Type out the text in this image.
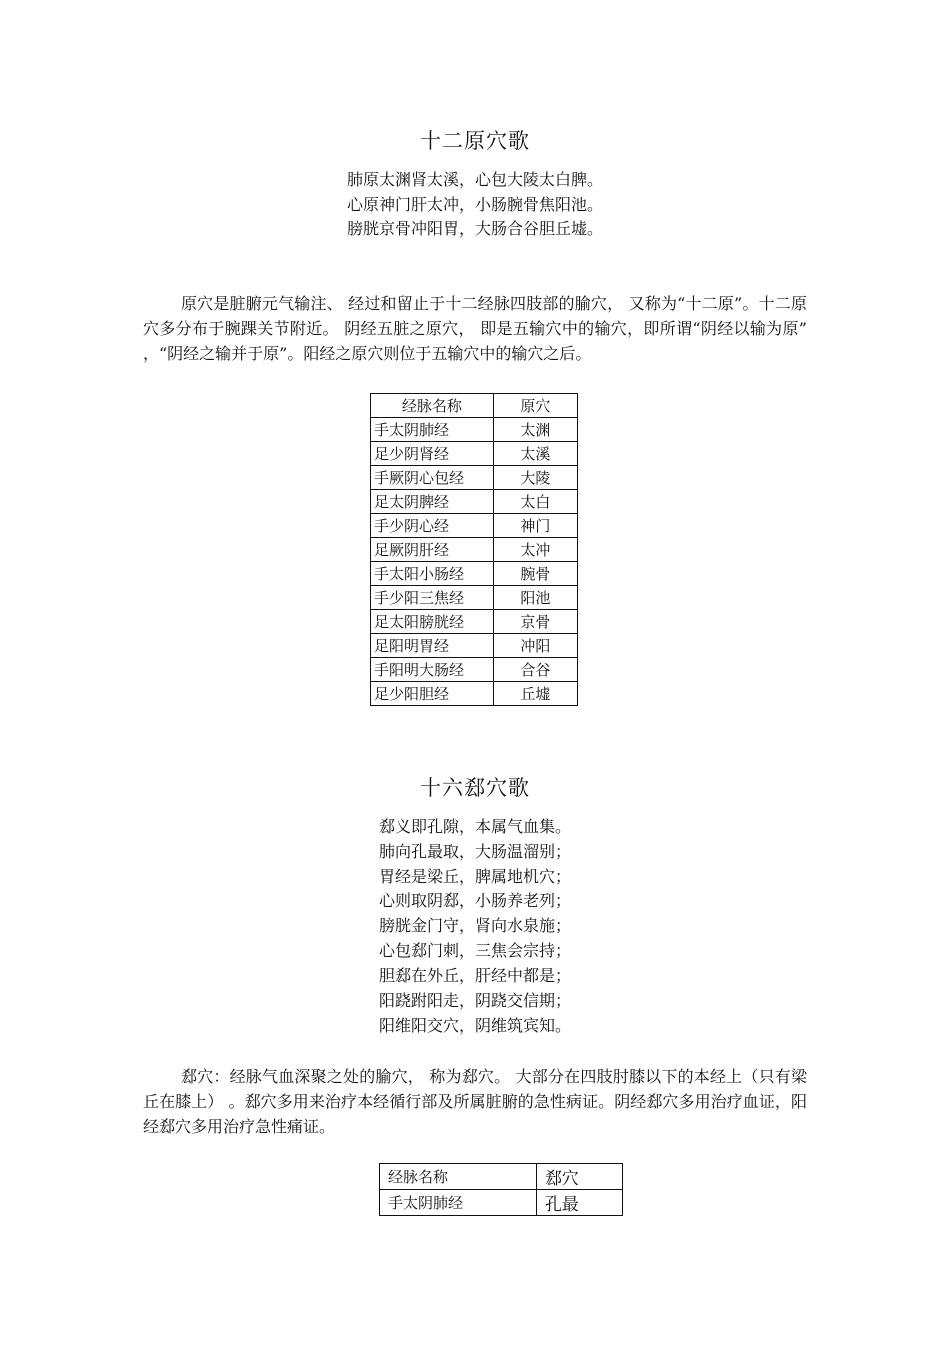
十二原穴歌
肺原太渊肾太溪，心包大陵太白脾。
心原神门肝太冲，小肠腕骨焦阳池。
膀胱京骨冲阳胃，大肠合谷胆丘墟。
原穴是脏腑元气输注、 经过和留止于十二经脉四肢部的腧穴， 又称为“十二原”。十二原穴多分布于腕踝关节附近。 阴经五脏之原穴， 即是五输穴中的输穴，即所谓“阴经以输为原” ，“阴经之输并于原”。阳经之原穴则位于五输穴中的输穴之后。
经脉名称	原穴
手太阴肺经	太渊
足少阴肾经	太溪
手厥阴心包经	大陵
足太阴脾经	太白
手少阴心经	神门
足厥阴肝经	太冲
手太阳小肠经	腕骨
手少阳三焦经	阳池
足太阳膀胱经	京骨
足阳明胃经	冲阳
手阳明大肠经	合谷
足少阳胆经	丘墟
十六郄穴歌
郄义即孔隙，本属气血集。
肺向孔最取，大肠温溜别；
胃经是梁丘，脾属地机穴；
心则取阴郄，小肠养老列；
膀胱金门守，肾向水泉施；
心包郄门刺，三焦会宗持；
胆郄在外丘，肝经中都是；
阳跷跗阳走，阴跷交信期；
阳维阳交穴，阴维筑宾知。
郄穴：经脉气血深聚之处的腧穴， 称为郄穴。 大部分在四肢肘膝以下的本经上（只有梁丘在膝上） 。郄穴多用来治疗本经循行部及所属脏腑的急性病证。阴经郄穴多用治疗血证，阳经郄穴多用治疗急性痛证。
经脉名称	郄穴
手太阴肺经	孔最
